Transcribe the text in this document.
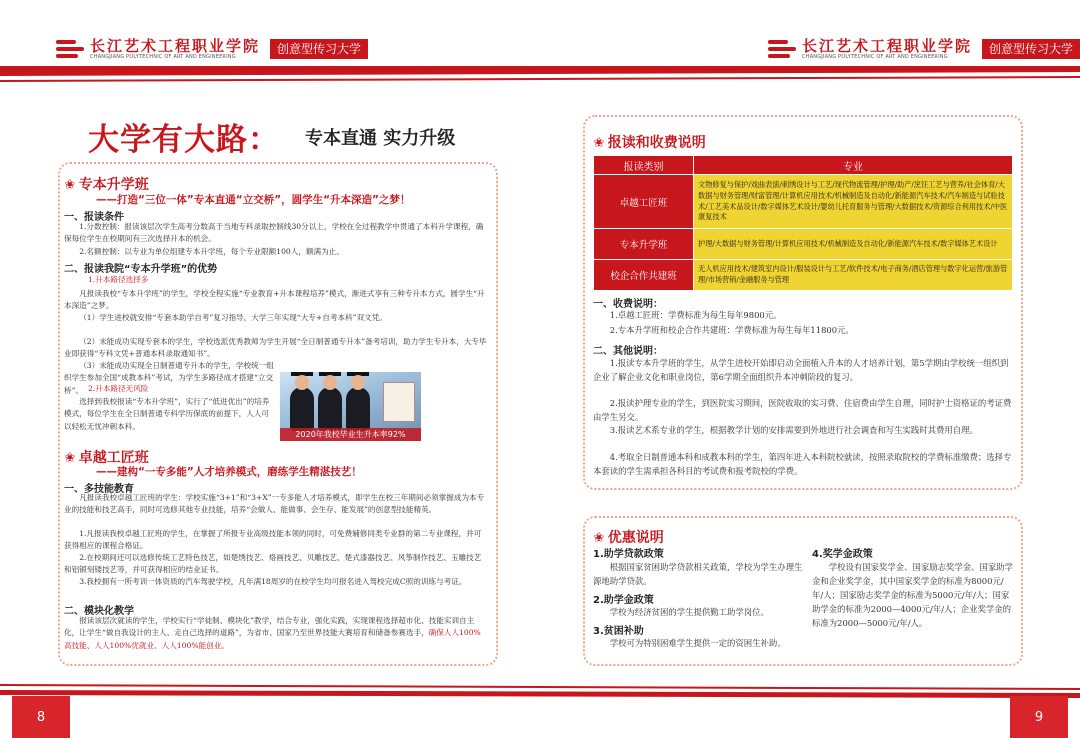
长江艺术工程职业学院
CHANGJIANG POLYTECHNIC OF ART AND ENGINEERING
创意型传习大学	长江艺术工程职业学院
CHANGJIANG POLYTECHNIC OF ART AND ENGINEERING
创意型传习大学
8	9
大学有大路： 专本直通 实力升级
✬ 专本升学班
——打造“三位一体”专本直通“立交桥”，圆学生“升本深造”之梦！
一、报读条件
1.分数控制：报读该层次学生高考分数高于当地专科录取控制线30分以上，学校在全过程教学中贯通了本科升学课程，确保每位学生在校期间有三次选择升本的机会。
2.名额控制：以专业为单位组建专本升学班，每个专业限额100人，额满为止。
二、报读我院“专本升学班”的优势
1.升本路径选择多
凡报读我校“专本升学班”的学生，学校全程实施“专业教育+升本课程培养”模式，渐进式享有三种专升本方式，圆学生“升本深造”之梦。
（1）学生进校就安排“专套本助学自考”复习指导，大学三年实现“大专+自考本科”双文凭。
（2）未能成功实现专套本的学生，学校选派优秀教师为学生开展“全日制普通专升本”备考培训，助力学生专升本，大专毕业即获得“专科文凭+普通本科录取通知书”。
（3）未能成功实现全日制普通专升本的学生，学校统一组织学生参加全国“成教本科”考试，为学生多路径成才搭建“立交桥”。 2.升本路径无风险
选择到我校报读“专本升学班”，实行了“低进优出”的培养模式，每位学生在全日制普通专科学历保底的前提下，人人可以轻松无忧冲刺本科。
2020年我校毕业生升本率92%
✬ 卓越工匠班
——建构“一专多能”人才培养模式，磨练学生精湛技艺！
一、多技能教育
凡报读我校卓越工匠班的学生：学校实施“3+1”和“3+X”一专多能人才培养模式，即学生在校三年期间必须掌握成为本专业的技能和技艺高手，同时可选修其他专业技能，培养“会做人、能做事、会生存、能发展”的创意型技能精英。
1.凡报读我校卓越工匠班的学生，在掌握了所报专业高级技能本领的同时，可免费辅修同类专业群的第二专业课程，并可获得相应的课程合格证。
2.在校期间还可以选修传统工艺特色技艺，如楚绣技艺、烙画技艺、贝雕技艺、楚式漆器技艺、风筝制作技艺、玉雕技艺和铝锻刻镂技艺等，并可获得相应的结业证书。
3.我校拥有一所考训一体资质的汽车驾驶学校，凡年满18周岁的在校学生均可报名进入驾校完成C照的训练与考证。
二、模块化教学
报读该层次就读的学生，学校实行“学徒制、模块化”教学，结合专业，强化实践，实现课程选择超市化、技能实训自主化，让学生“做自我设计的主人、走自己选择的道路”，为省市、国家乃至世界技能大赛培育和储备参赛选手，确保人人100%高技能、人人100%优就业、人人100%能创业。
✬ 报读和收费说明
报读类别	专业
卓越工匠班	文物修复与保护/戏曲表演/刺绣设计与工艺/现代物流管理/护理/助产/烹饪工艺与营养/社会体育/大数据与财务管理/财富管理/计算机应用技术/机械制造及自动化/新能源汽车技术/汽车制造与试验技术/工艺美术品设计/数字媒体艺术设计/婴幼儿托育服务与管理/大数据技术/资源综合利用技术/中医康复技术
专本升学班	护理/大数据与财务管理/计算机应用技术/机械制造及自动化/新能源汽车技术/数字媒体艺术设计
校企合作共建班	无人机应用技术/建筑室内设计/服装设计与工艺/软件技术/电子商务/酒店管理与数字化运营/旅游管理/市场营销/金融服务与管理
一、收费说明：
1.卓越工匠班：学费标准为每生每年9800元。
2.专本升学班和校企合作共建班：学费标准为每生每年11800元。
二、其他说明：
1.报读专本升学班的学生，从学生进校开始即启动全面植入升本的人才培养计划，第5学期由学校统一组织到企业了解企业文化和职业岗位，第6学期全面组织升本冲刺阶段的复习。
2.报读护理专业的学生，到医院实习期间，医院收取的实习费、住宿费由学生自理，同时护士资格证的考证费由学生另交。
3.报读艺术系专业的学生，根据教学计划的安排需要到外地进行社会调查和写生实践时其费用自理。
4.考取全日制普通本科和成教本科的学生，第四年进入本科院校就读，按照录取院校的学费标准缴费；选择专本套读的学生需承担各科目的考试费和报考院校的学费。
✬ 优惠说明
1.助学贷款政策
根据国家贫困助学贷款相关政策，学校为学生办理生源地助学贷款。
2.助学金政策
学校为经济贫困的学生提供勤工助学岗位。
3.贫困补助
学校可为特别困难学生提供一定的资困生补助。
4.奖学金政策
学校设有国家奖学金、国家励志奖学金、国家助学金和企业奖学金，其中国家奖学金的标准为8000元/年/人；国家励志奖学金的标准为5000元/年/人；国家助学金的标准为2000—4000元/年/人；企业奖学金的标准为2000—5000元/年/人。
